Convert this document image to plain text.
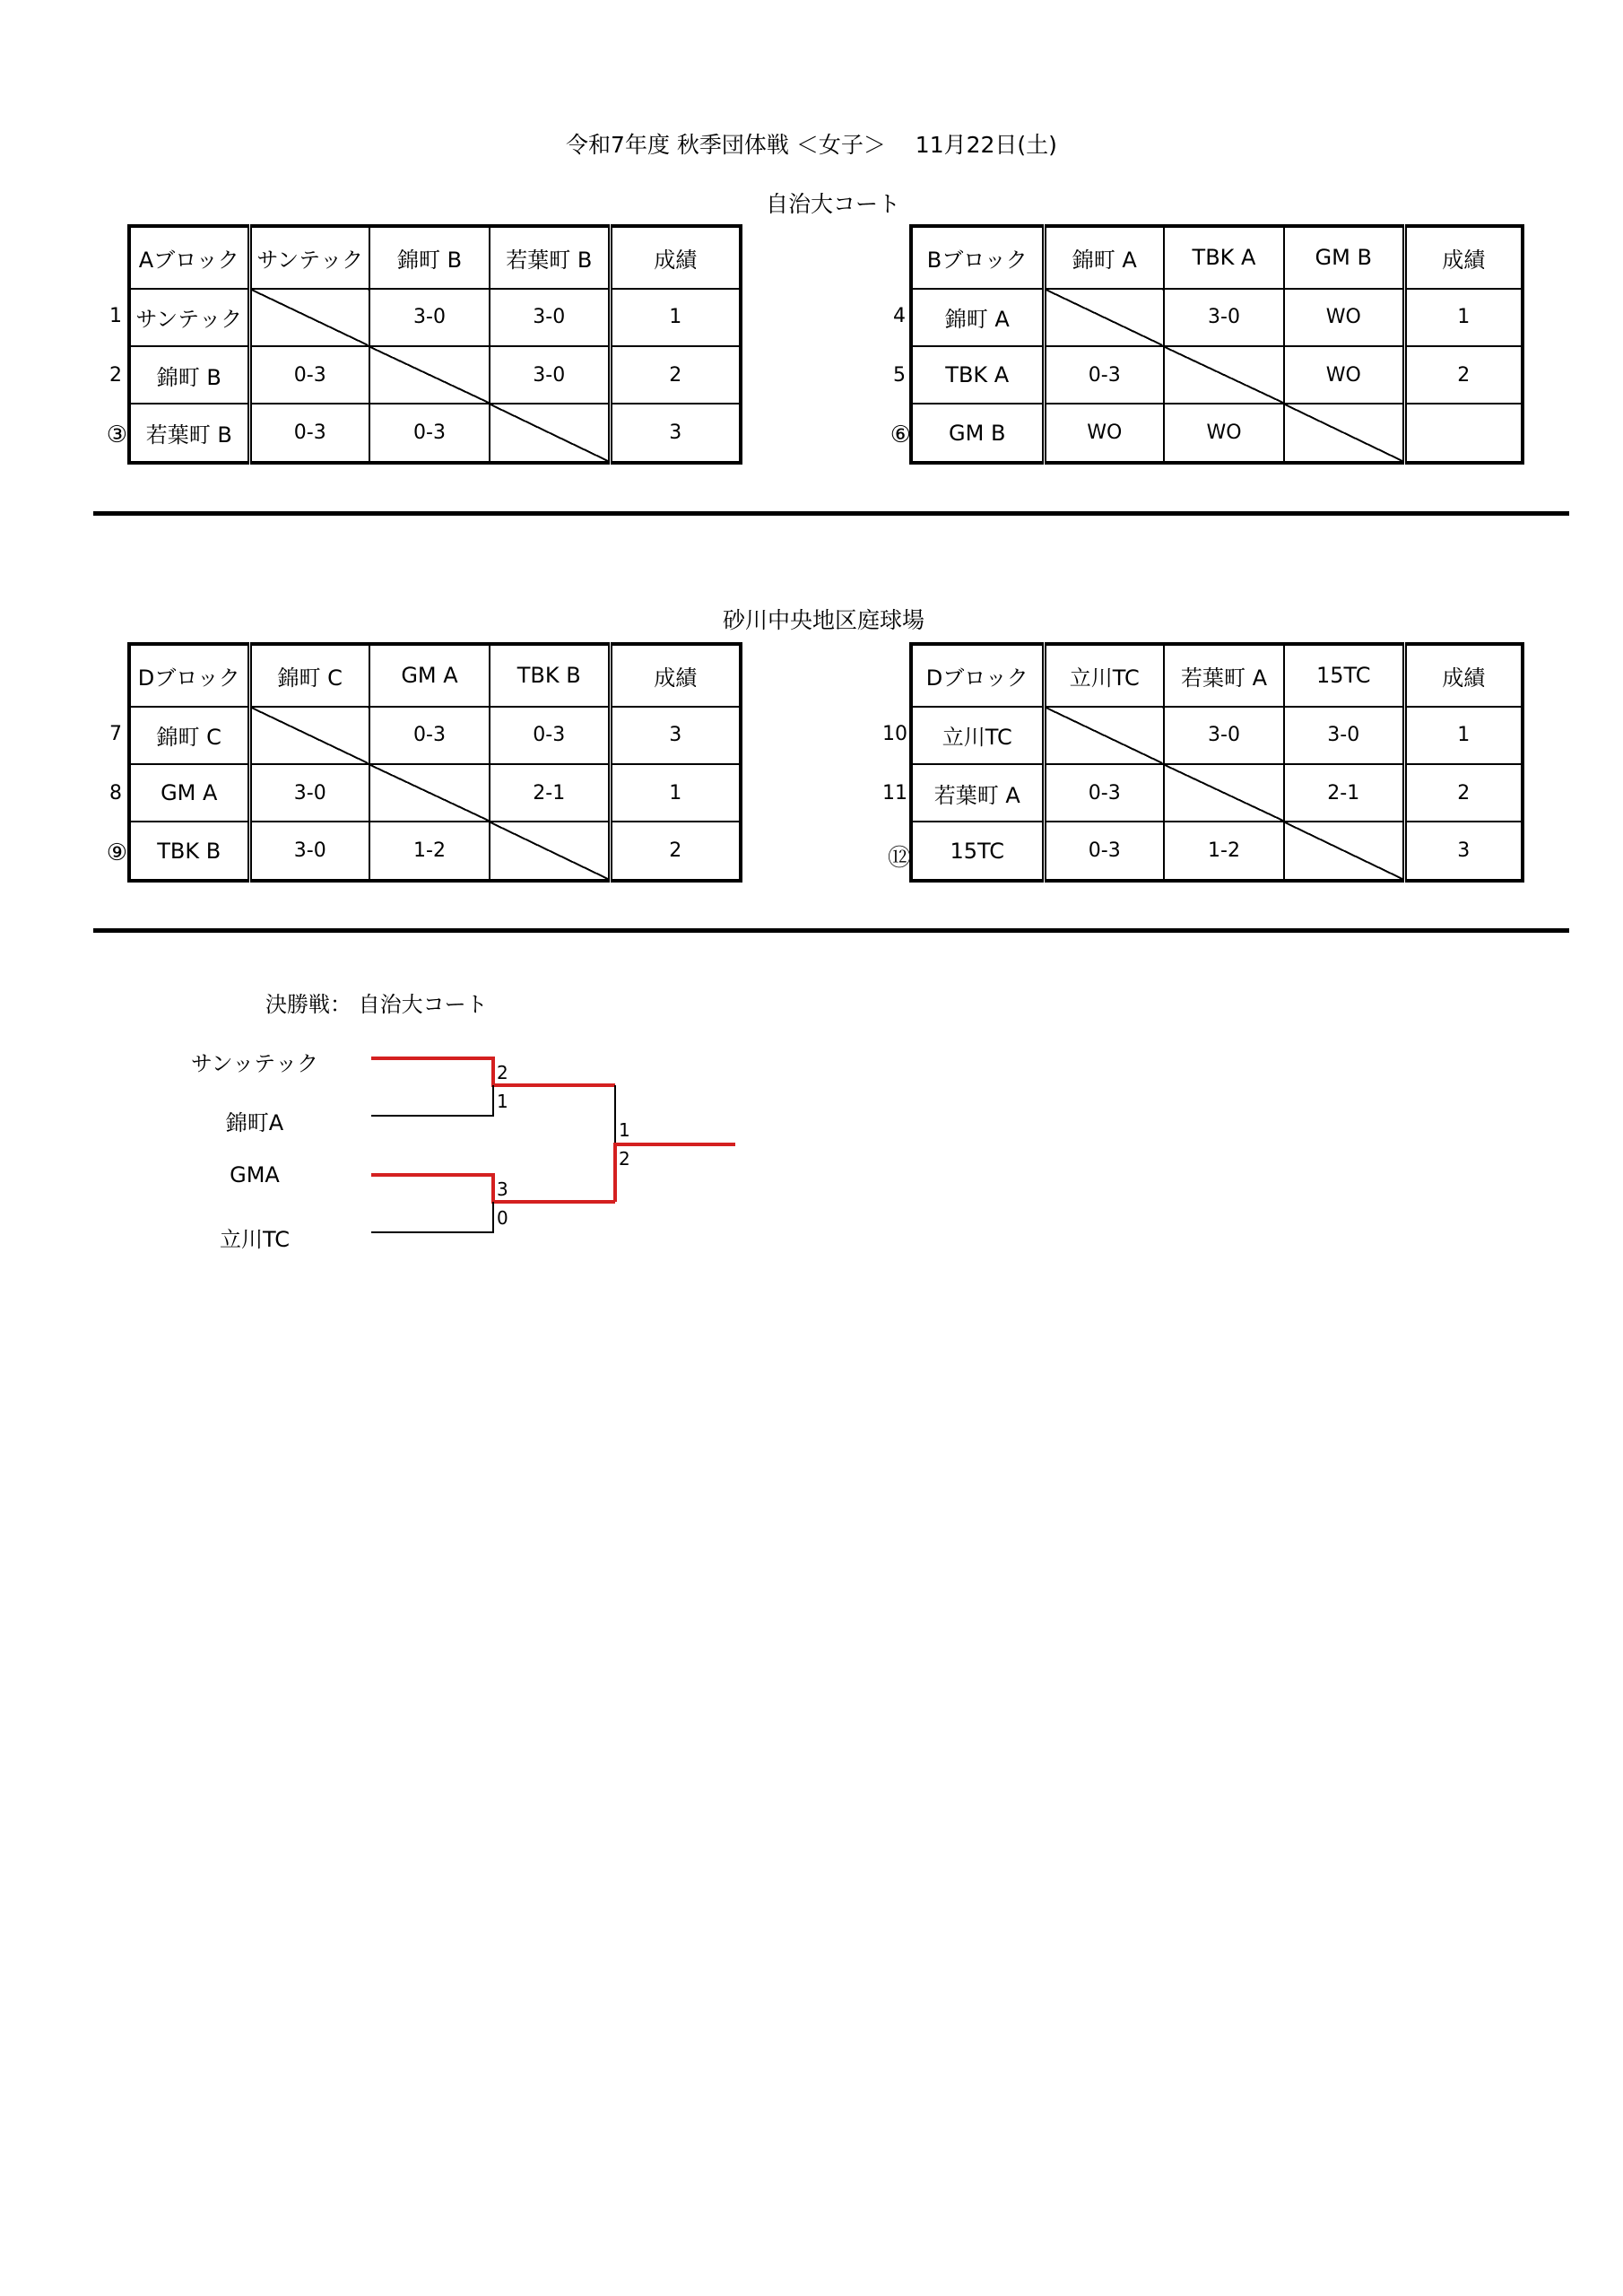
令和7年度 秋季団体戦 ＜女子＞　 11月22日(土)
自治大コート
Aブロック	サンテック	錦町 B	若葉町 B	成績
サンテック		3-0	3-0	1
錦町 B	0-3		3-0	2
若葉町 B	0-3	0-3		3
1
2
③
Bブロック	錦町 A	TBK A	GM B	成績
錦町 A		3-0	WO	1
TBK A	0-3		WO	2
GM B	WO	WO		
4
5
⑥
砂川中央地区庭球場
Dブロック	錦町 C	GM A	TBK B	成績
錦町 C		0-3	0-3	3
GM A	3-0		2-1	1
TBK B	3-0	1-2		2
7
8
⑨
Dブロック	立川TC	若葉町 A	15TC	成績
立川TC		3-0	3-0	1
若葉町 A	0-3		2-1	2
15TC	0-3	1-2		3
10
11
⑫
決勝戦： 自治大コート
サンッテック
錦町A
GMA
立川TC
2
1
3
0
1
2
